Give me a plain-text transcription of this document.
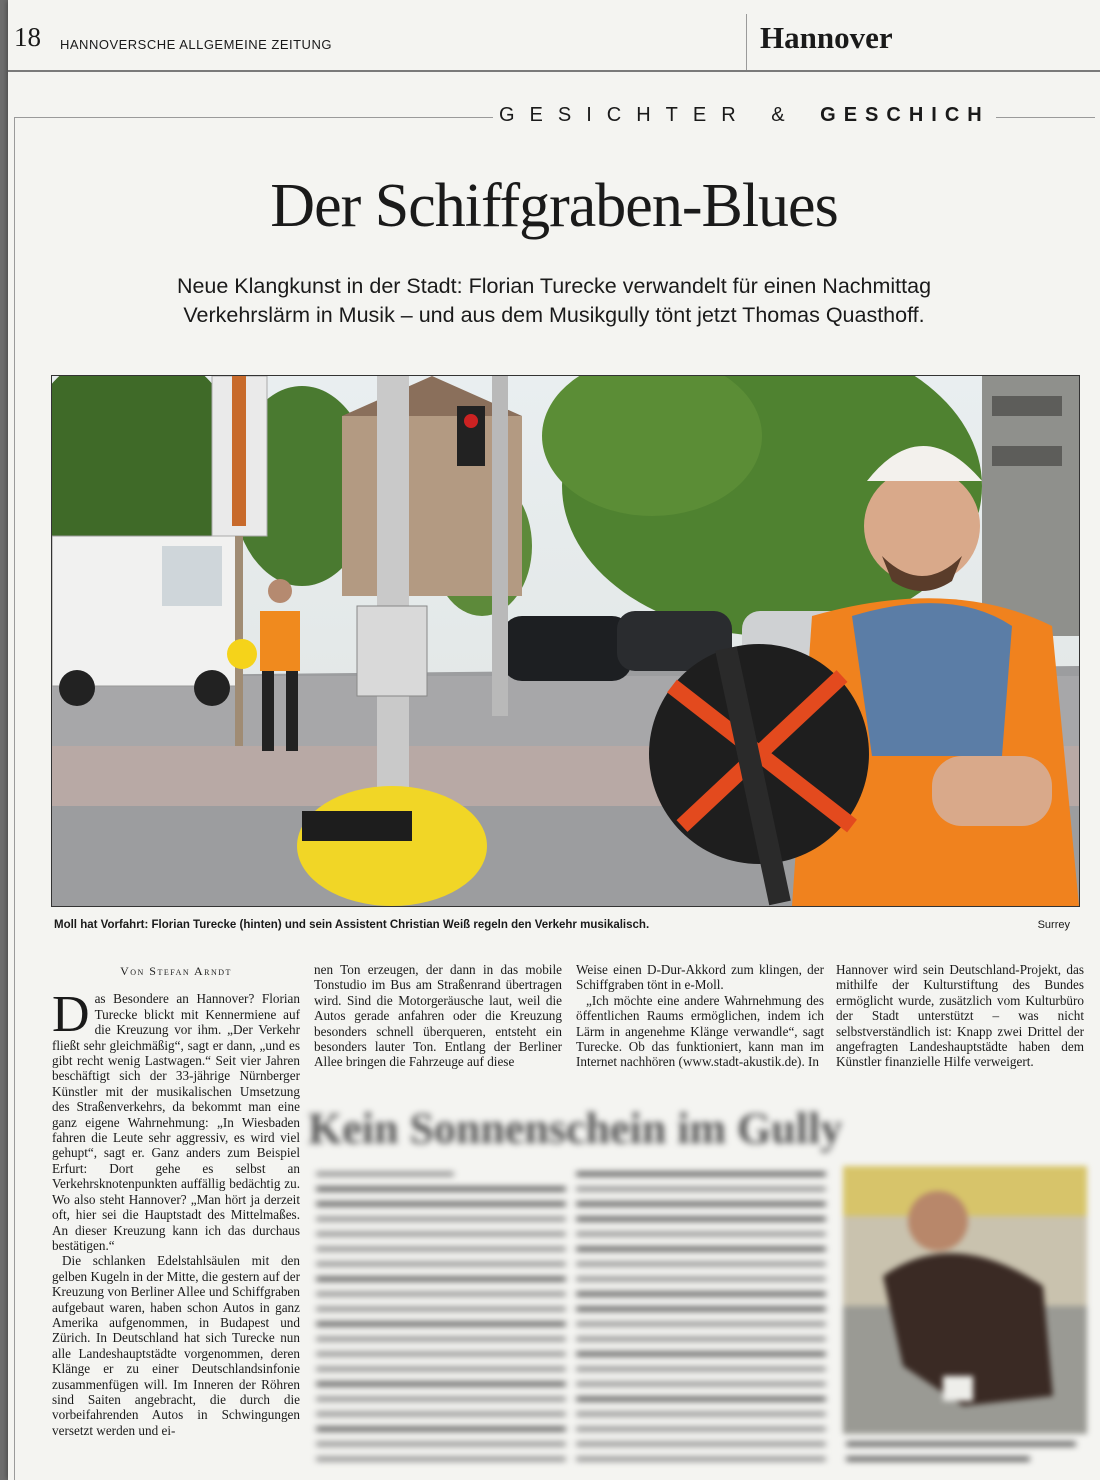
18 HANNOVERSCHE ALLGEMEINE ZEITUNG	Hannover
GESICHTER & GESCHICH
Der Schiffgraben-Blues
Neue Klangkunst in der Stadt: Florian Turecke verwandelt für einen Nachmittag
Verkehrslärm in Musik – und aus dem Musikgully tönt jetzt Thomas Quasthoff.
Moll hat Vorfahrt: Florian Turecke (hinten) und sein Assistent Christian Weiß regeln den Verkehr musikalisch.	Surrey
Von Stefan Arndt

Das Besondere an Hannover? Florian Turecke blickt mit Kennermiene auf die Kreuzung vor ihm. „Der Verkehr fließt sehr gleichmäßig“, sagt er dann, „und es gibt recht wenig Lastwagen.“ Seit vier Jahren beschäftigt sich der 33-jährige Nürnberger Künstler mit der musikalischen Umsetzung des Straßenverkehrs, da bekommt man eine ganz eigene Wahrnehmung: „In Wiesbaden fahren die Leute sehr aggressiv, es wird viel gehupt“, sagt er. Ganz anders zum Beispiel Erfurt: Dort gehe es selbst an Verkehrsknotenpunkten auffällig bedächtig zu. Wo also steht Hannover? „Man hört ja derzeit oft, hier sei die Hauptstadt des Mittelmaßes. An dieser Kreuzung kann ich das durchaus bestätigen.“

Die schlanken Edelstahlsäulen mit den gelben Kugeln in der Mitte, die gestern auf der Kreuzung von Berliner Allee und Schiffgraben aufgebaut waren, haben schon Autos in ganz Amerika aufgenommen, in Budapest und Zürich. In Deutschland hat sich Turecke nun alle Landeshauptstädte vorgenommen, deren Klänge er zu einer Deutschlandsinfonie zusammenfügen will. Im Inneren der Röhren sind Saiten angebracht, die durch die vorbeifahrenden Autos in Schwingungen versetzt werden und ei-

nen Ton erzeugen, der dann in das mobile Tonstudio im Bus am Straßenrand übertragen wird. Sind die Motorgeräusche laut, weil die Autos gerade anfahren oder die Kreuzung besonders schnell überqueren, entsteht ein besonders lauter Ton. Entlang der Berliner Allee bringen die Fahrzeuge auf diese

Weise einen D-Dur-Akkord zum klingen, der Schiffgraben tönt in e-Moll.

„Ich möchte eine andere Wahrnehmung des öffentlichen Raums ermöglichen, indem ich Lärm in angenehme Klänge verwandle“, sagt Turecke. Ob das funktioniert, kann man im Internet nachhören (www.stadt-akustik.de). In

Hannover wird sein Deutschland-Projekt, das mithilfe der Kulturstiftung des Bundes ermöglicht wurde, zusätzlich vom Kulturbüro der Stadt unterstützt – was nicht selbstverständlich ist: Knapp zwei Drittel der angefragten Landeshauptstädte haben dem Künstler finanzielle Hilfe verweigert.

Kein Sonnenschein im Gully
